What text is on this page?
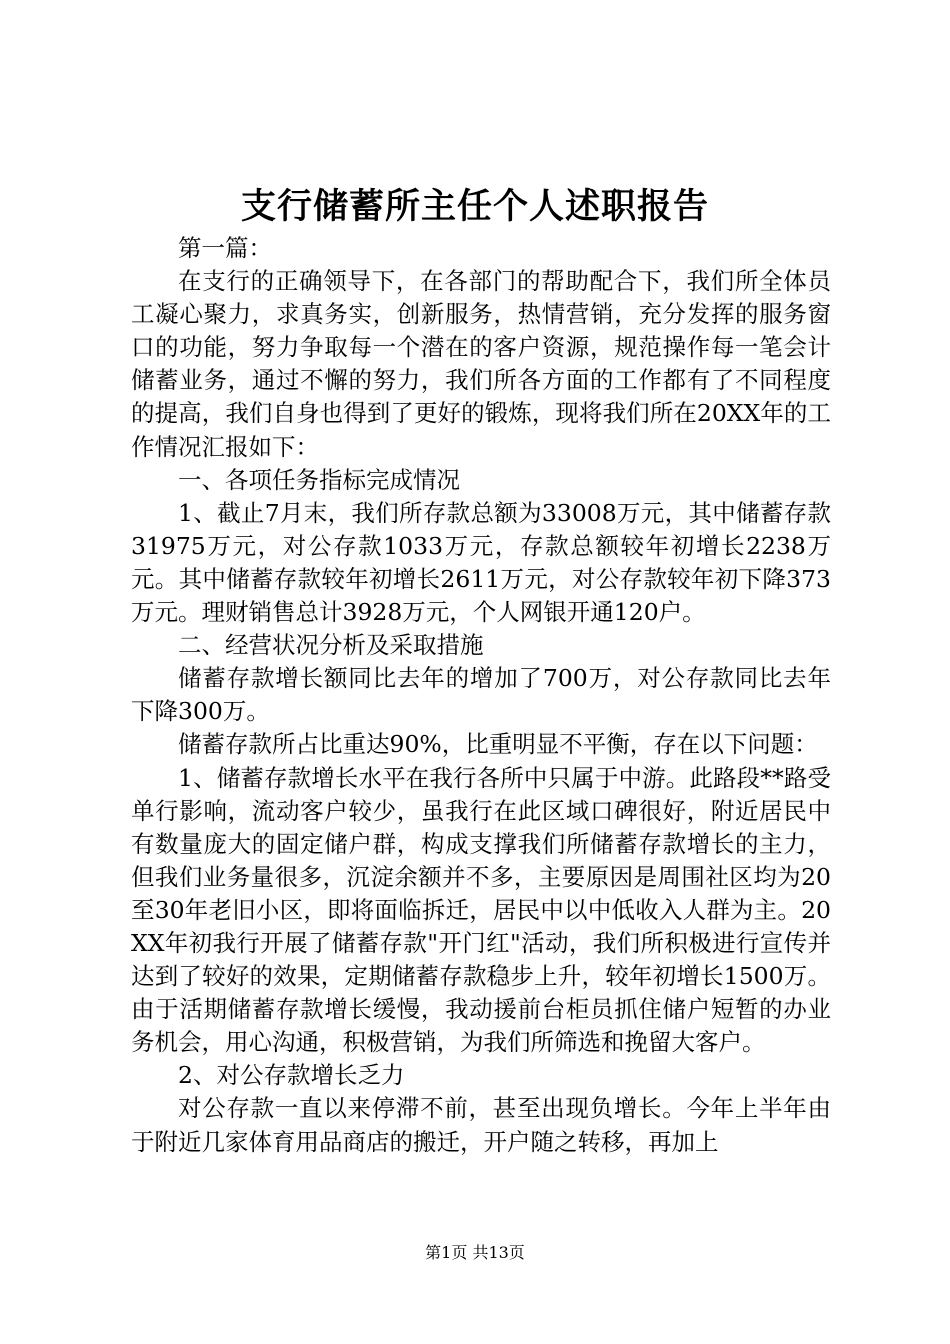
支行储蓄所主任个人述职报告

第一篇：

在支行的正确领导下，在各部门的帮助配合下，我们所全体员工凝心聚力，求真务实，创新服务，热情营销，充分发挥的服务窗口的功能，努力争取每一个潜在的客户资源，规范操作每一笔会计储蓄业务，通过不懈的努力，我们所各方面的工作都有了不同程度的提高，我们自身也得到了更好的锻炼，现将我们所在20XX年的工作情况汇报如下：

一、各项任务指标完成情况

1、截止7月末，我们所存款总额为33008万元，其中储蓄存款31975万元，对公存款1033万元，存款总额较年初增长2238万元。其中储蓄存款较年初增长2611万元，对公存款较年初下降373万元。理财销售总计3928万元，个人网银开通120户。

二、经营状况分析及采取措施

储蓄存款增长额同比去年的增加了700万，对公存款同比去年下降300万。

储蓄存款所占比重达90%，比重明显不平衡，存在以下问题：

1、储蓄存款增长水平在我行各所中只属于中游。此路段**路受单行影响，流动客户较少，虽我行在此区域口碑很好，附近居民中有数量庞大的固定储户群，构成支撑我们所储蓄存款增长的主力，但我们业务量很多，沉淀余额并不多，主要原因是周围社区均为20至30年老旧小区，即将面临拆迁，居民中以中低收入人群为主。20XX年初我行开展了储蓄存款"开门红"活动，我们所积极进行宣传并达到了较好的效果，定期储蓄存款稳步上升，较年初增长1500万。由于活期储蓄存款增长缓慢，我动援前台柜员抓住储户短暂的办业务机会，用心沟通，积极营销，为我们所筛选和挽留大客户。

2、对公存款增长乏力

对公存款一直以来停滞不前，甚至出现负增长。今年上半年由于附近几家体育用品商店的搬迁，开户随之转移，再加上

第1页 共13页
